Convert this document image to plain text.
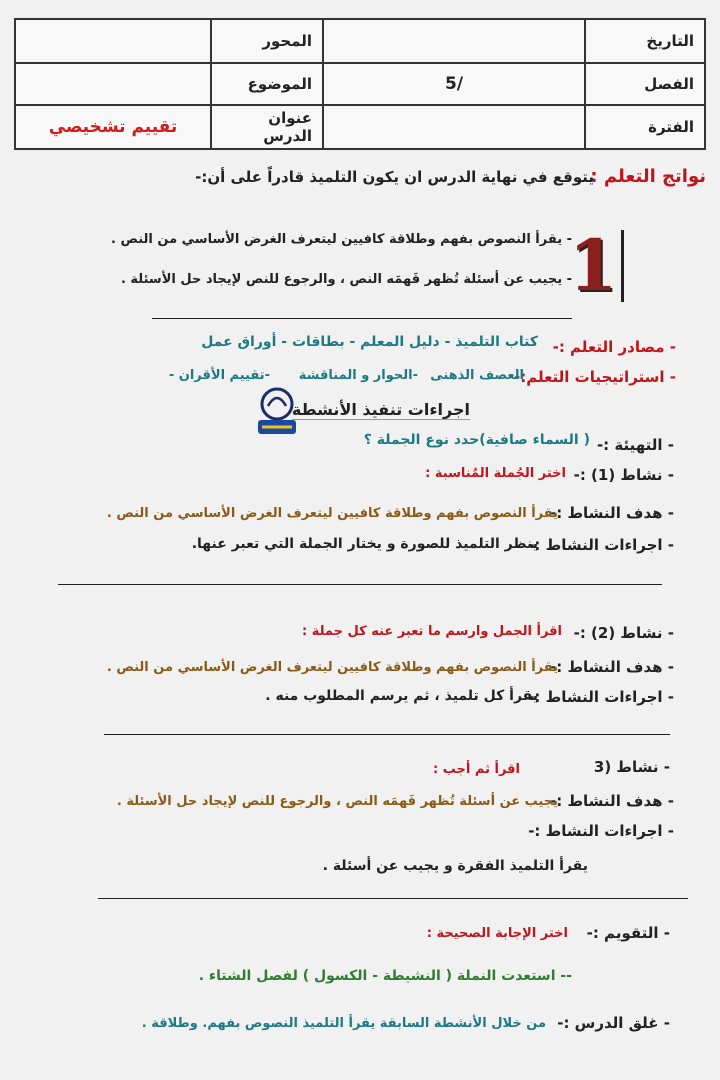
التاريخ		المحور	
الفصل	/5	الموضوع	
الفترة		عنوان الدرس	تقييم تشخيصي
نواتج التعلم :
يتوقع في نهاية الدرس ان يكون التلميذ قادراً على أن:-
1
- يقرأ النصوص بفهم وطلاقة كافيين ليتعرف الغرض الأساسي من النص .
- يجيب عن أسئلة تُظهر فَهمَه النص ، والرجوع للنص لإيجاد حل الأسئلة .
- مصادر التعلم :-
كتاب التلميذ - دليل المعلم - بطاقات - أوراق عمل
- استراتيجيات التعلم:-
العصف الذهنى
-الحوار و المناقشة
-تقييم الأقران -
اجراءات تنفيذ الأنشطة
- التهيئة :-
( السماء صافية)حدد نوع الجملة ؟
- نشاط (1) :-
اختر الجُملة المُناسبة :
- هدف النشاط :-
يقرأ النصوص بفهم وطلاقة كافيين ليتعرف الغرض الأساسي من النص .
- اجراءات النشاط :-
ينظر التلميذ للصورة و يختار الجملة التي تعبر عنها.
- نشاط (2) :-
اقرأ الجمل وارسم ما تعبر عنه كل جملة :
- هدف النشاط :-
يقرأ النصوص بفهم وطلاقة كافيين ليتعرف الغرض الأساسي من النص .
- اجراءات النشاط :-
يقرأ كل تلميذ ، ثم يرسم المطلوب منه .
- نشاط (3
اقرأ ثم أجب :
- هدف النشاط :-
يجيب عن أسئلة تُظهر فَهمَه النص ، والرجوع للنص لإيجاد حل الأسئلة .
- اجراءات النشاط :-
يقرأ التلميذ الفقرة و يجيب عن أسئلة .
- التقويم :-
اختر الإجابة الصحيحة :
-- استعدت النملة ( النشيطة - الكسول ) لفصل الشتاء .
- غلق الدرس :-
من خلال الأنشطة السابقة يقرأ التلميذ النصوص بفهم. وطلاقة .
